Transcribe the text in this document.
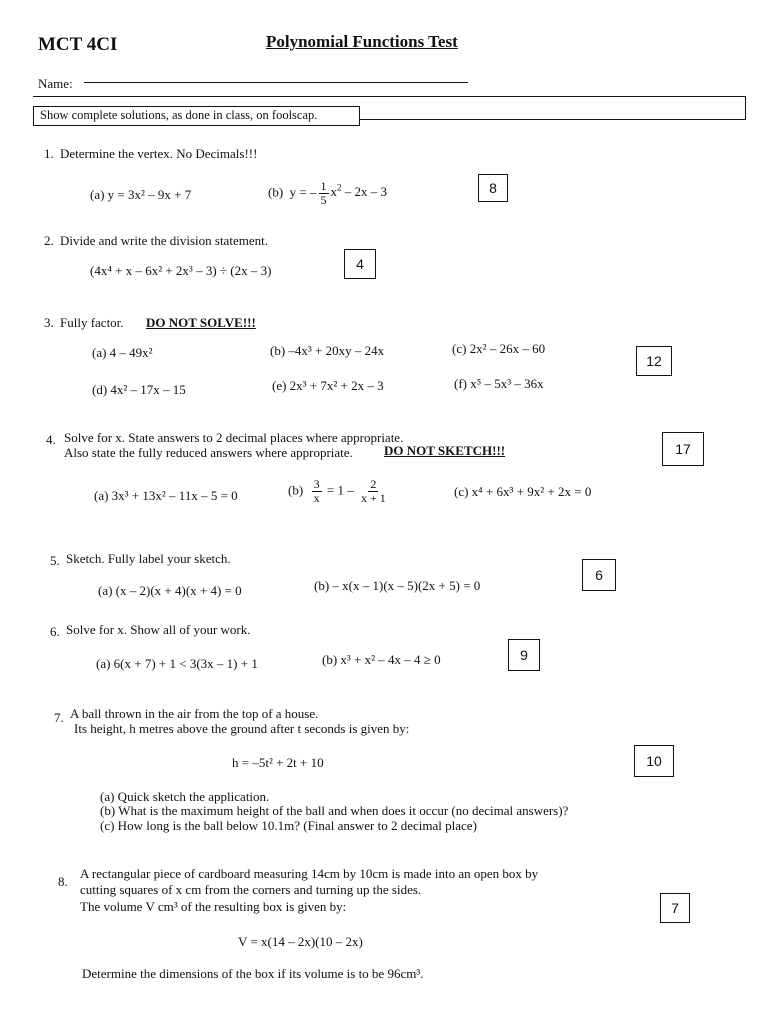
MCT 4CI	Polynomial Functions Test
Name:
Show complete solutions, as done in class, on foolscap.
1. Determine the vertex. No Decimals!!!
(a) y = 3x² – 9x + 7	(b)  y = – $\frac{1}{5} x^2 - 2x - 3$	8
2. Divide and write the division statement.
(4x⁴ + x – 6x² + 2x³ – 3) ÷ (2x – 3)	4
3. Fully factor. DO NOT SOLVE!!!
(a) 4 – 49x²	(b) –4x³ + 20xy – 24x	(c) 2x² – 26x – 60
(d) 4x² – 17x – 15	(e) 2x³ + 7x² + 2x – 3	(f) x⁵ – 5x³ – 36x
12
4. Solve for x. State answers to 2 decimal places where appropriate.
Also state the fully reduced answers where appropriate. DO NOT SKETCH!!!
(a) 3x³ + 13x² – 11x – 5 = 0	$(b) \frac{3}{x} = 1 - \frac{2}{x + 1}$	(c) x⁴ + 6x³ + 9x² + 2x = 0
17
5. Sketch. Fully label your sketch.
(a) (x – 2)(x + 4)(x + 4) = 0	(b) – x(x – 1)(x – 5)(2x + 5) = 0
6
6. Solve for x. Show all of your work.
(a) 6(x + 7) + 1 < 3(3x – 1) + 1	(b) x³ + x² – 4x – 4 ≥ 0	9
7. A ball thrown in the air from the top of a house.
Its height, h metres above the ground after t seconds is given by:
h = –5t² + 2t + 10	10
(a) Quick sketch the application.
(b) What is the maximum height of the ball and when does it occur (no decimal answers)?
(c) How long is the ball below 10.1m? (Final answer to 2 decimal place)
8.
A rectangular piece of cardboard measuring 14cm by 10cm is made into an open box by
cutting squares of x cm from the corners and turning up the sides.
The volume V cm³ of the resulting box is given by:
V = x(14 – 2x)(10 – 2x)
Determine the dimensions of the box if its volume is to be 96cm³.
7
